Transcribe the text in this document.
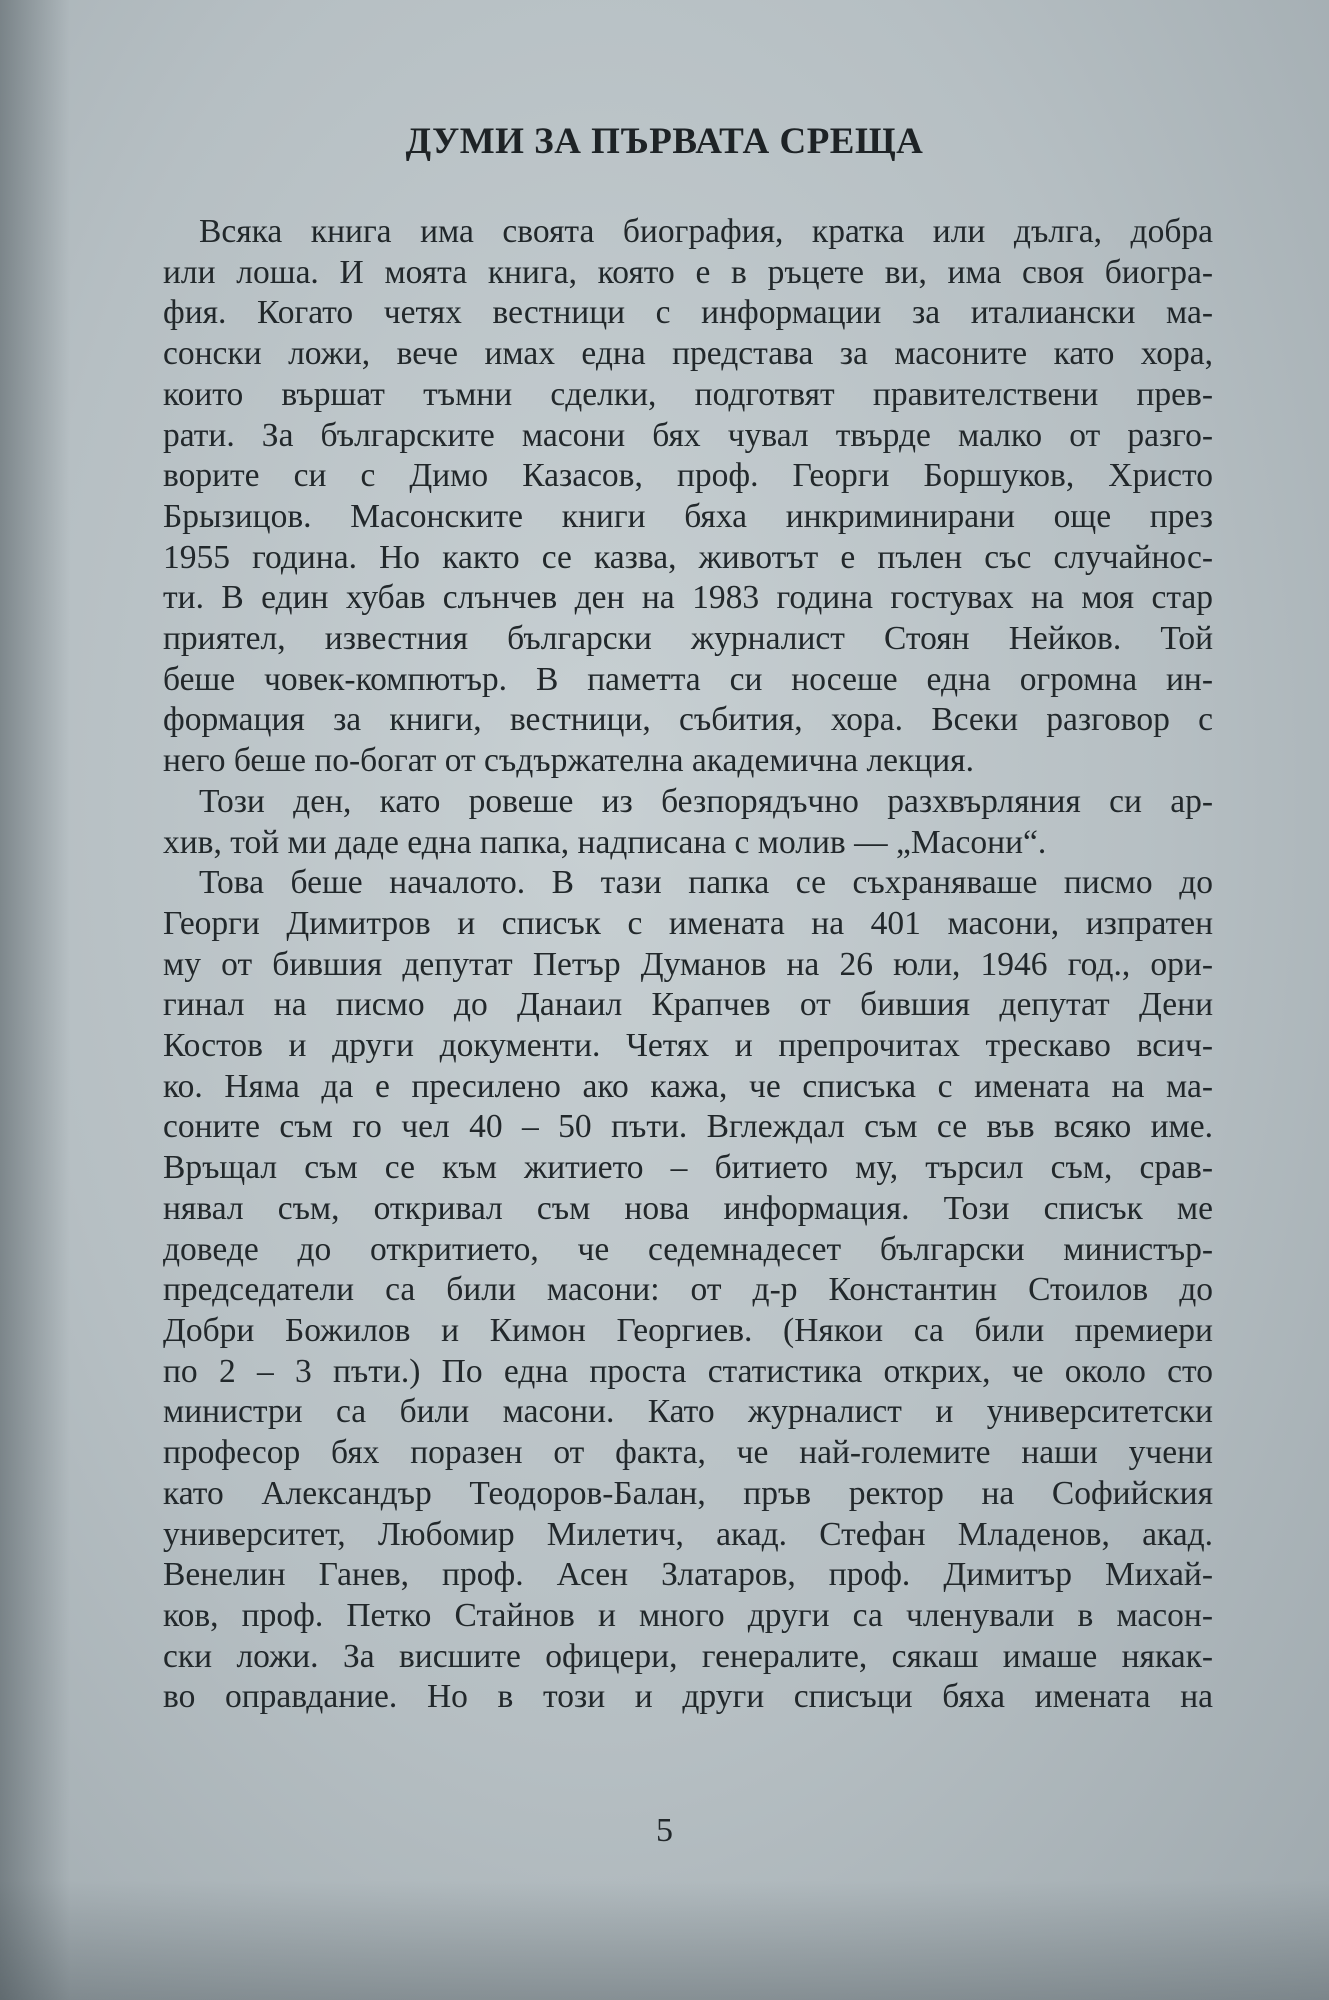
ДУМИ ЗА ПЪРВАТА СРЕЩА

Всяка книга има своята биография, кратка или дълга, добра
или лоша. И моята книга, която е в ръцете ви, има своя биогра-
фия. Когато четях вестници с информации за италиански ма-
сонски ложи, вече имах една представа за масоните като хора,
които вършат тъмни сделки, подготвят правителствени прев-
рати. За българските масони бях чувал твърде малко от разго-
ворите си с Димо Казасов, проф. Георги Боршуков, Христо
Брызицов. Масонските книги бяха инкриминирани още през
1955 година. Но както се казва, животът е пълен със случайнос-
ти. В един хубав слънчев ден на 1983 година гостувах на моя стар
приятел, известния български журналист Стоян Нейков. Той
беше човек-компютър. В паметта си носеше една огромна ин-
формация за книги, вестници, събития, хора. Всеки разговор с
него беше по-богат от съдържателна академична лекция.

Този ден, като ровеше из безпорядъчно разхвърляния си ар-
хив, той ми даде една папка, надписана с молив — „Масони“.

Това беше началото. В тази папка се съхраняваше писмо до
Георги Димитров и списък с имената на 401 масони, изпратен
му от бившия депутат Петър Думанов на 26 юли, 1946 год., ори-
гинал на писмо до Данаил Крапчев от бившия депутат Дени
Костов и други документи. Четях и препрочитах трескаво всич-
ко. Няма да е пресилено ако кажа, че списъка с имената на ма-
соните съм го чел 40 – 50 пъти. Вглеждал съм се във всяко име.
Връщал съм се към житието – битието му, търсил съм, срав-
нявал съм, откривал съм нова информация. Този списък ме
доведе до откритието, че седемнадесет български министър-
председатели са били масони: от д-р Константин Стоилов до
Добри Божилов и Кимон Георгиев. (Някои са били премиери
по 2 – 3 пъти.) По една проста статистика открих, че около сто
министри са били масони. Като журналист и университетски
професор бях поразен от факта, че най-големите наши учени
като Александър Теодоров-Балан, пръв ректор на Софийския
университет, Любомир Милетич, акад. Стефан Младенов, акад.
Венелин Ганев, проф. Асен Златаров, проф. Димитър Михай-
ков, проф. Петко Стайнов и много други са членували в масон-
ски ложи. За висшите офицери, генералите, сякаш имаше някак-
во оправдание. Но в този и други списъци бяха имената на

5
